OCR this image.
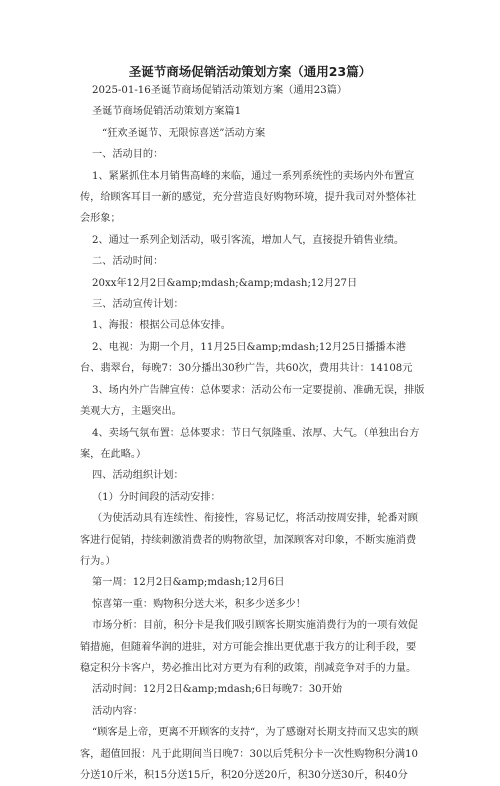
圣诞节商场促销活动策划方案（通用23篇）

2025-01-16圣诞节商场促销活动策划方案（通用23篇）

圣诞节商场促销活动策划方案篇1

“狂欢圣诞节、无限惊喜送”活动方案

一、活动目的：

1、紧紧抓住本月销售高峰的来临，通过一系列系统性的卖场内外布置宣传，给顾客耳目一新的感觉，充分营造良好购物环境，提升我司对外整体社会形象；

2、通过一系列企划活动，吸引客流，增加人气，直接提升销售业绩。

二、活动时间：

20xx年12月2日&amp;mdash;&amp;mdash;12月27日

三、活动宣传计划：

1、海报：根据公司总体安排。

2、电视：为期一个月，11月25日&amp;mdash;12月25日播播本港台、翡翠台，每晚7：30分播出30秒广告，共60次，费用共计：14108元

3、场内外广告牌宣传：总体要求：活动公布一定要提前、准确无误，排版美观大方，主题突出。

4、卖场气氛布置：总体要求：节日气氛隆重、浓厚、大气。（单独出台方案，在此略。）

四、活动组织计划：

（1）分时间段的活动安排：

（为使活动具有连续性、衔接性，容易记忆，将活动按周安排，轮番对顾客进行促销，持续刺激消费者的购物欲望，加深顾客对印象，不断实施消费行为。）

第一周：12月2日&amp;mdash;12月6日

惊喜第一重：购物积分送大米，积多少送多少！

市场分析：目前，积分卡是我们吸引顾客长期实施消费行为的一项有效促销措施，但随着华润的进驻，对方可能会推出更优惠于我方的让利手段，要稳定积分卡客户，势必推出比对方更为有利的政策，削减竞争对手的力量。

活动时间：12月2日&amp;mdash;6日每晚7：30开始

活动内容：

“顾客是上帝，更离不开顾客的支持“，为了感谢对长期支持而又忠实的顾客，超值回报：凡于此期间当日晚7：30以后凭积分卡一次性购物积分满10分送10斤米，积15分送15斤，积20分送20斤，积30分送30斤，积40分
